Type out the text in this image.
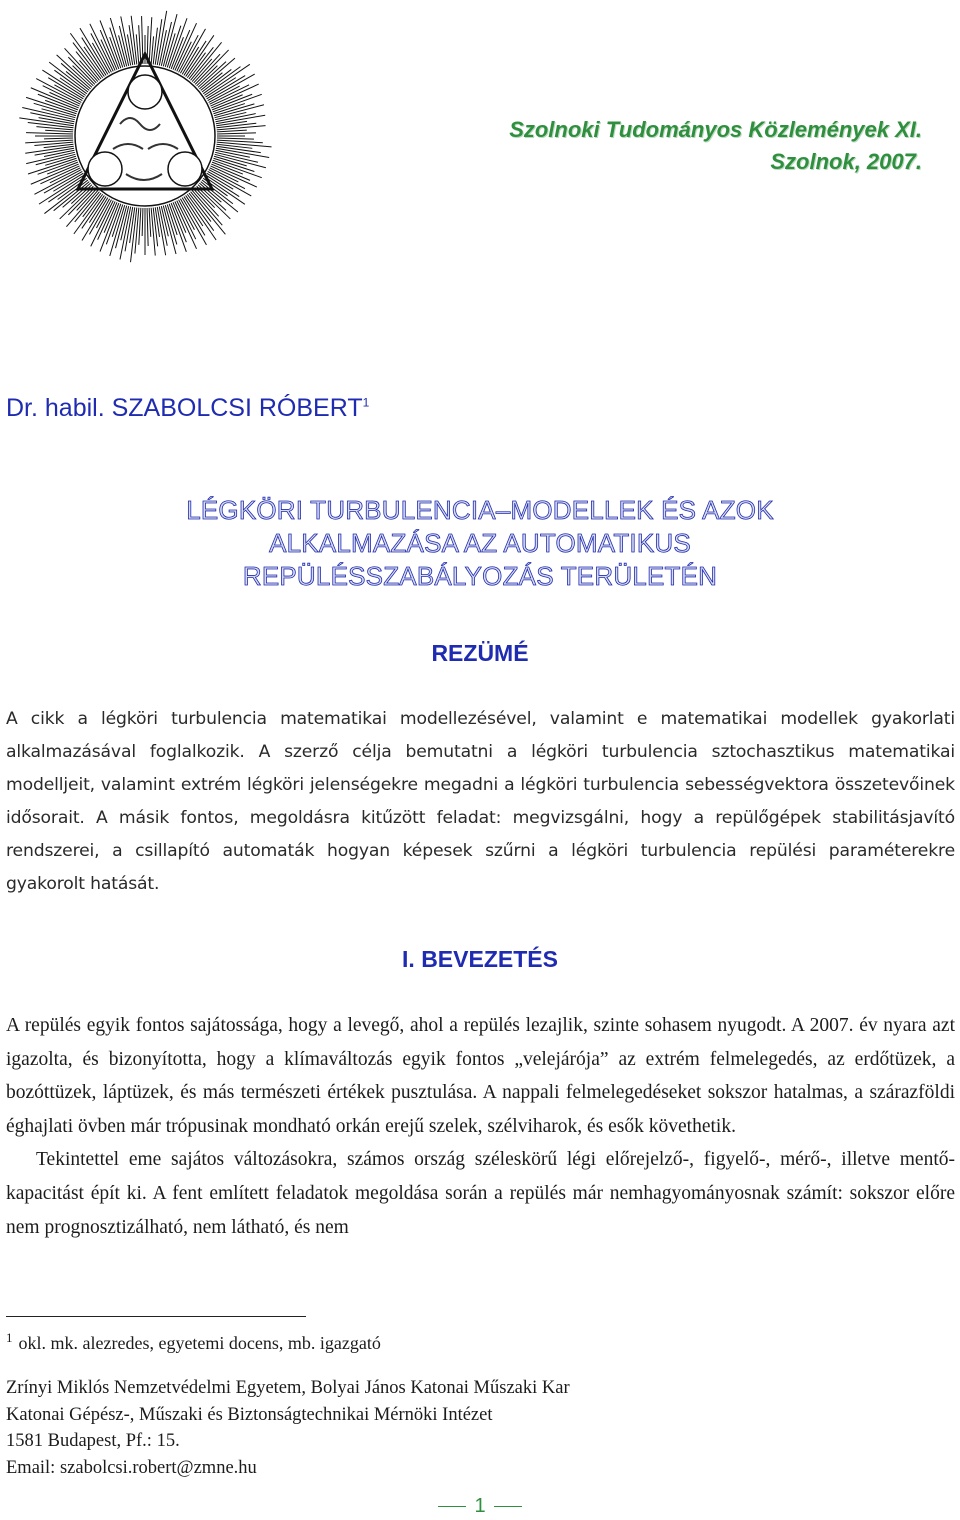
Szolnoki Tudományos Közlemények XI.
Szolnok, 2007.
Dr. habil. SZABOLCSI RÓBERT$^1$
LÉGKÖRI TURBULENCIA–MODELLEK ÉS AZOK
ALKALMAZÁSA AZ AUTOMATIKUS
REPÜLÉSSZABÁLYOZÁS TERÜLETÉN
REZÜMÉ
A cikk a légköri turbulencia matematikai modellezésével, valamint e matematikai modellek gyakorlati alkalmazásával foglalkozik. A szerző célja bemutatni a légköri turbulencia sztochasztikus matematikai modelljeit, valamint extrém légköri jelenségekre megadni a légköri turbulencia sebességvektora összetevőinek idősorait. A másik fontos, megoldásra kitűzött feladat: megvizsgálni, hogy a repülőgépek stabilitásjavító rendszerei, a csillapító automaták hogyan képesek szűrni a légköri turbulencia repülési paraméterekre gyakorolt hatását.
I. BEVEZETÉS

A repülés egyik fontos sajátossága, hogy a levegő, ahol a repülés lezajlik, szinte sohasem nyugodt. A 2007. év nyara azt igazolta, és bizonyította, hogy a klímaváltozás egyik fontos „velejárója” az extrém felmelegedés, az erdőtüzek, a bozóttüzek, láptüzek, és más természeti értékek pusztulása. A nappali felmelegedéseket sokszor hatalmas, a szárazföldi éghajlati övben már trópusinak mondható orkán erejű szelek, szélviharok, és esők követhetik.

Tekintettel eme sajátos változásokra, számos ország széleskörű légi előrejelző-, figyelő-, mérő-, illetve mentő-kapacitást épít ki. A fent említett feladatok megoldása során a repülés már nemhagyományosnak számít: sokszor előre nem prognosztizálható, nem látható, és nem

$^1$ okl. mk. alezredes, egyetemi docens, mb. igazgató
Zrínyi Miklós Nemzetvédelmi Egyetem, Bolyai János Katonai Műszaki Kar
Katonai Gépész-, Műszaki és Biztonságtechnikai Mérnöki Intézet
1581 Budapest, Pf.: 15.
Email: szabolcsi.robert@zmne.hu
1
